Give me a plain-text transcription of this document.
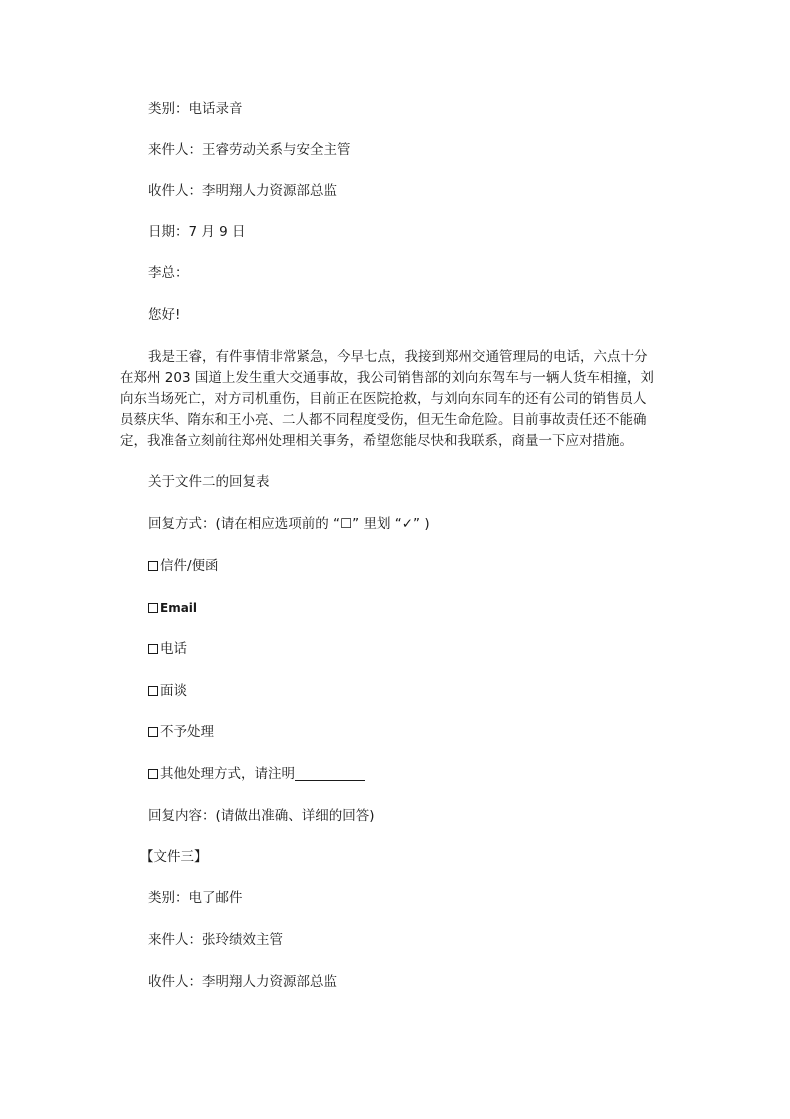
类别：电话录音
来件人：王睿劳动关系与安全主管
收件人：李明翔人力资源部总监
日期：7 月 9 日
李总：
您好!
我是王睿，有件事情非常紧急，今早七点，我接到郑州交通管理局的电话，六点十分
在郑州 203 国道上发生重大交通事故，我公司销售部的刘向东驾车与一辆人货车相撞，刘
向东当场死亡，对方司机重伤，目前正在医院抢救，与刘向东同车的还有公司的销售员人
员蔡庆华、隋东和王小亮、二人都不同程度受伤，但无生命危险。目前事故责任还不能确
定，我准备立刻前往郑州处理相关事务，希望您能尽快和我联系，商量一下应对措施。
关于文件二的回复表
回复方式：(请在相应选项前的 “☐” 里划 “✓” )
信件/便函
Email
电话
面谈
不予处理
其他处理方式，请注明
回复内容：(请做出准确、详细的回答)
【文件三】
类别：电了邮件
来件人：张玲绩效主管
收件人：李明翔人力资源部总监
